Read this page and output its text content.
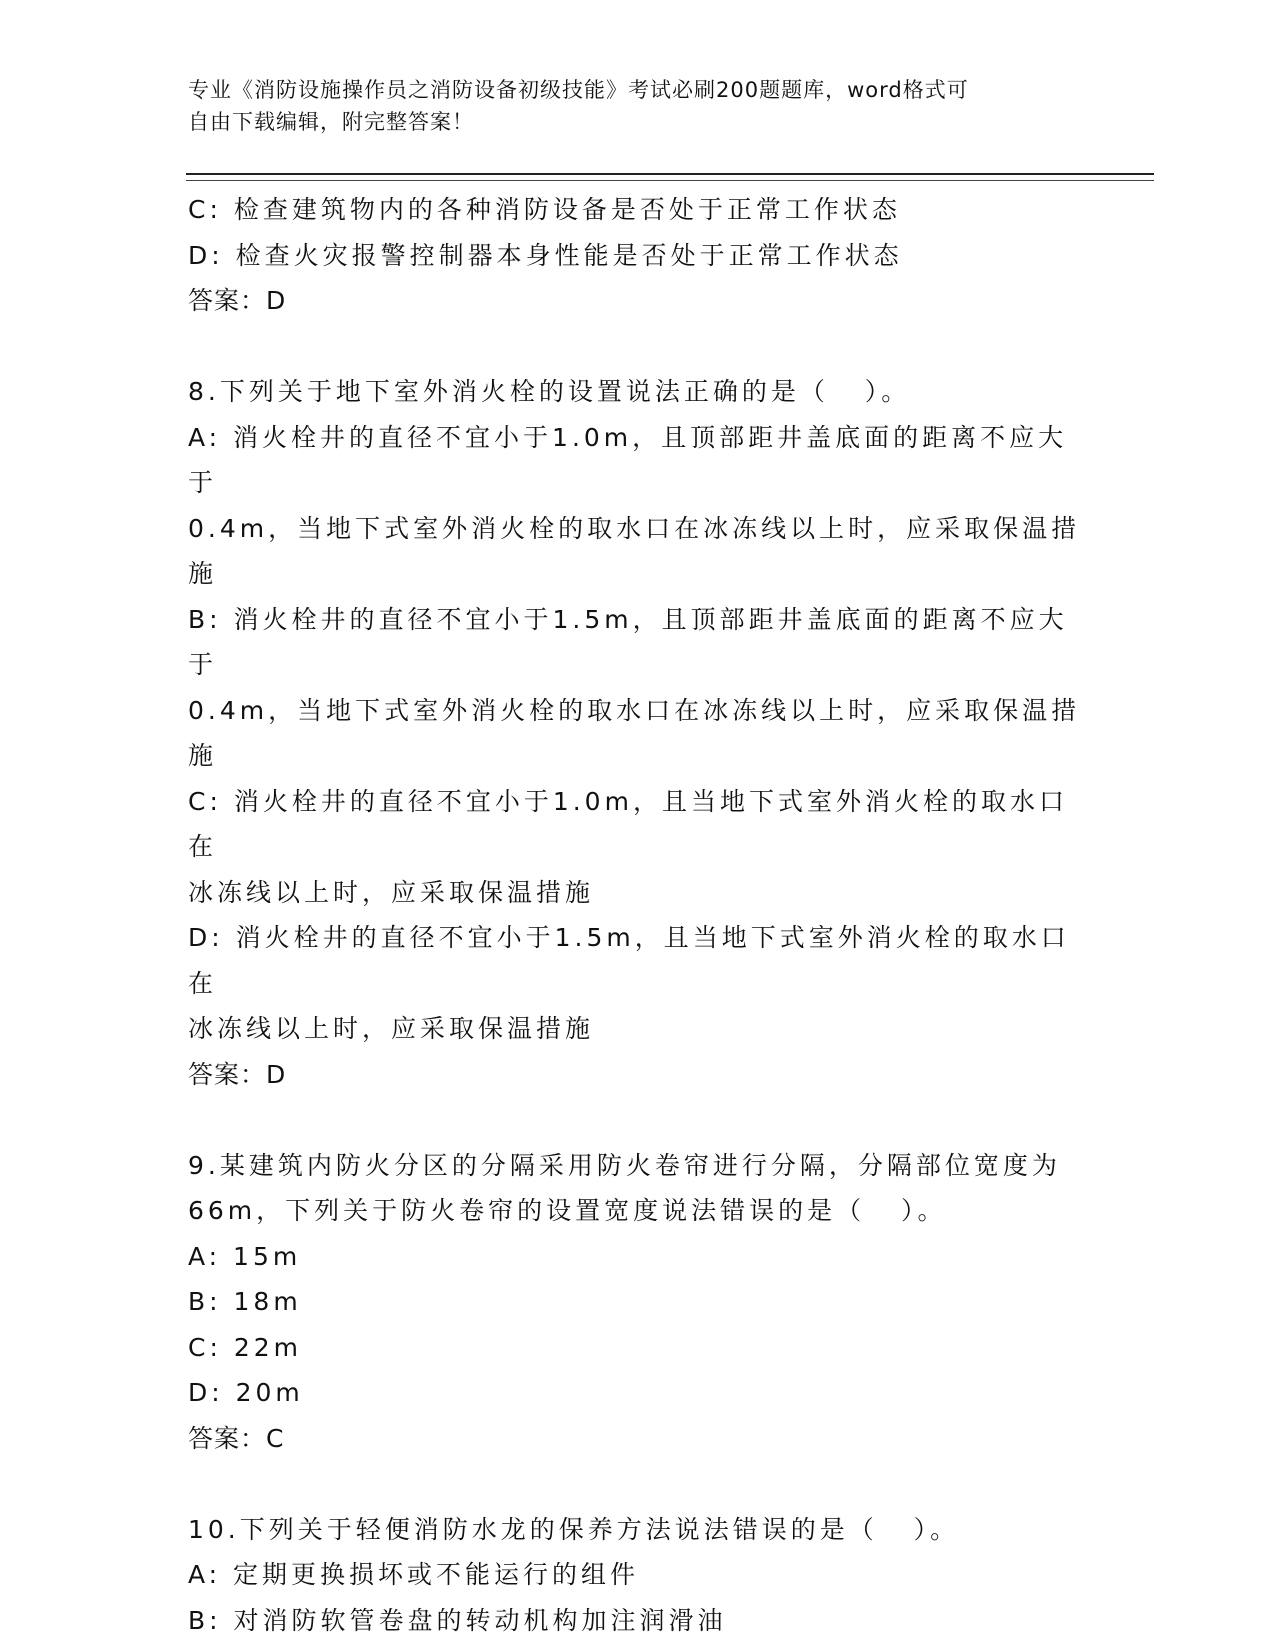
专业《消防设施操作员之消防设备初级技能》考试必刷200题题库，word格式可
自由下载编辑，附完整答案！
C: 检查建筑物内的各种消防设备是否处于正常工作状态
D: 检查火灾报警控制器本身性能是否处于正常工作状态
答案：D
8.下列关于地下室外消火栓的设置说法正确的是（   ）。
A: 消火栓井的直径不宜小于1.0m，且顶部距井盖底面的距离不应大于
0.4m，当地下式室外消火栓的取水口在冰冻线以上时，应采取保温措
施
B: 消火栓井的直径不宜小于1.5m，且顶部距井盖底面的距离不应大于
0.4m，当地下式室外消火栓的取水口在冰冻线以上时，应采取保温措
施
C: 消火栓井的直径不宜小于1.0m，且当地下式室外消火栓的取水口在
冰冻线以上时，应采取保温措施
D: 消火栓井的直径不宜小于1.5m，且当地下式室外消火栓的取水口在
冰冻线以上时，应采取保温措施
答案：D
9.某建筑内防火分区的分隔采用防火卷帘进行分隔，分隔部位宽度为
66m，下列关于防火卷帘的设置宽度说法错误的是（   ）。
A: 15m
B: 18m
C: 22m
D: 20m
答案：C
10.下列关于轻便消防水龙的保养方法说法错误的是（   ）。
A: 定期更换损坏或不能运行的组件
B: 对消防软管卷盘的转动机构加注润滑油
